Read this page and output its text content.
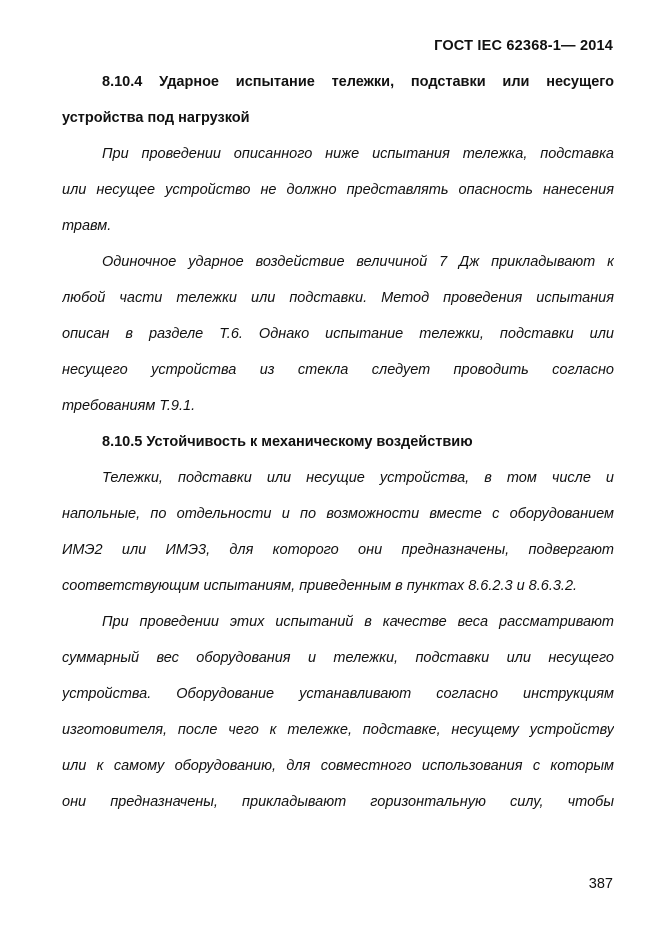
ГОСТ IEC 62368-1— 2014
8.10.4 Ударное испытание тележки, подставки или несущего
устройства под нагрузкой
При проведении описанного ниже испытания тележка, подставка
или несущее устройство не должно представлять опасность нанесения
травм.
Одиночное ударное воздействие величиной 7 Дж прикладывают к
любой части тележки или подставки. Метод проведения испытания
описан в разделе Т.6. Однако испытание тележки, подставки или
несущего устройства из стекла следует проводить согласно
требованиям Т.9.1.
8.10.5 Устойчивость к механическому воздействию
Тележки, подставки или несущие устройства, в том числе и
напольные, по отдельности и по возможности вместе с оборудованием
ИМЭ2 или ИМЭ3, для которого они предназначены, подвергают
соответствующим испытаниям, приведенным в пунктах 8.6.2.3 и 8.6.3.2.
При проведении этих испытаний в качестве веса рассматривают
суммарный вес оборудования и тележки, подставки или несущего
устройства. Оборудование устанавливают согласно инструкциям
изготовителя, после чего к тележке, подставке, несущему устройству
или к самому оборудованию, для совместного использования с которым
они предназначены, прикладывают горизонтальную силу, чтобы
387
